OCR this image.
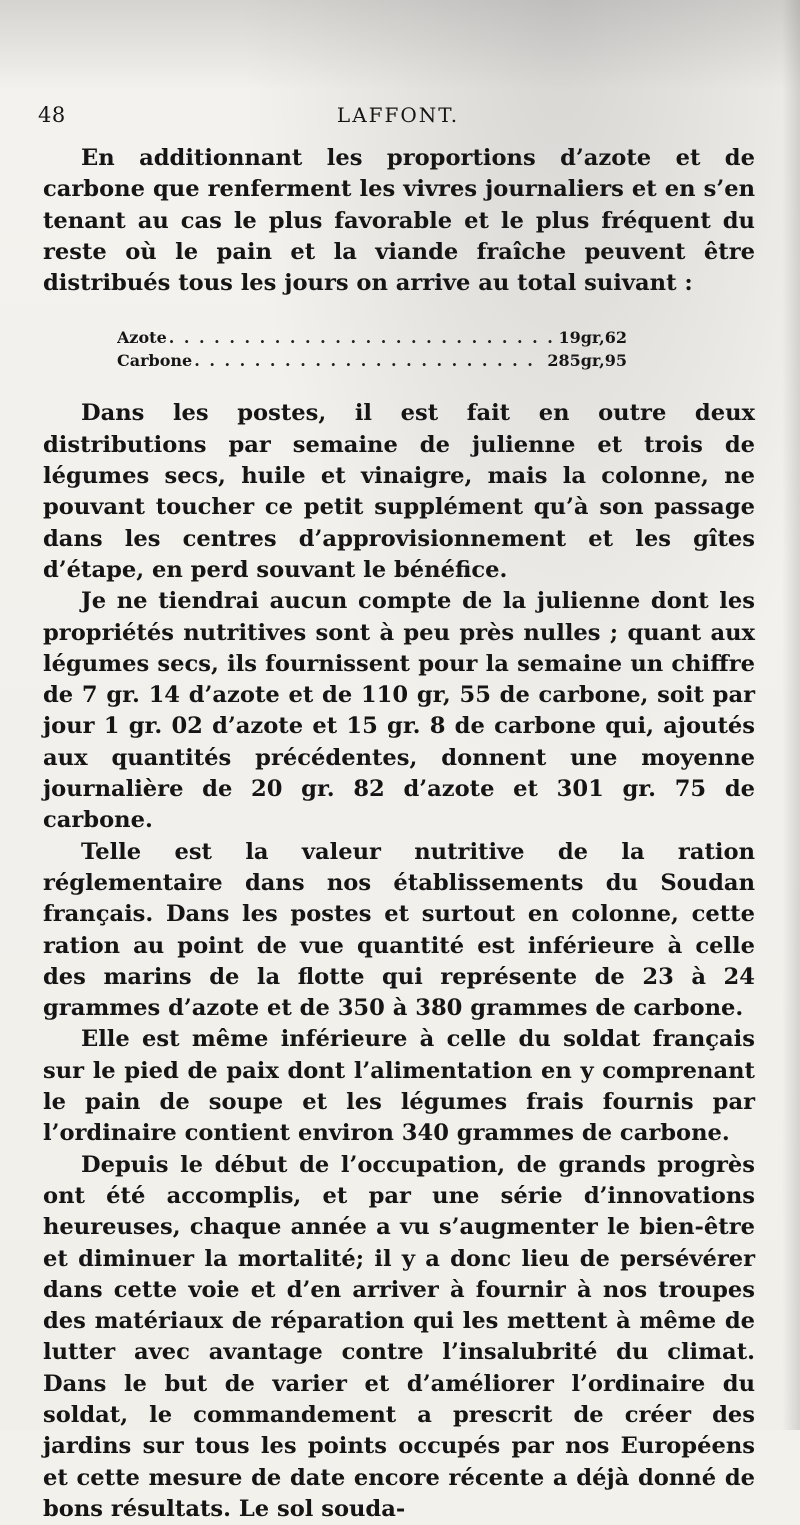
48	LAFFONT.

En additionnant les proportions d’azote et de carbone que renferment les vivres journaliers et en s’en tenant au cas le plus favorable et le plus fréquent du reste où le pain et la viande fraîche peuvent être distribués tous les jours on arrive au total suivant :

Azote . . .	19gr,62
Carbone . . .	285gr,95

Dans les postes, il est fait en outre deux distributions par semaine de julienne et trois de légumes secs, huile et vinaigre, mais la colonne, ne pouvant toucher ce petit supplément qu’à son passage dans les centres d’approvisionnement et les gîtes d’étape, en perd souvant le bénéfice.

Je ne tiendrai aucun compte de la julienne dont les propriétés nutritives sont à peu près nulles ; quant aux légumes secs, ils fournissent pour la semaine un chiffre de 7 gr. 14 d’azote et de 110 gr, 55 de carbone, soit par jour 1 gr. 02 d’azote et 15 gr. 8 de carbone qui, ajoutés aux quantités précédentes, donnent une moyenne journalière de 20 gr. 82 d’azote et 301 gr. 75 de carbone.

Telle est la valeur nutritive de la ration réglementaire dans nos établissements du Soudan français. Dans les postes et surtout en colonne, cette ration au point de vue quantité est inférieure à celle des marins de la flotte qui représente de 23 à 24 grammes d’azote et de 350 à 380 grammes de carbone.

Elle est même inférieure à celle du soldat français sur le pied de paix dont l’alimentation en y comprenant le pain de soupe et les légumes frais fournis par l’ordinaire contient environ 340 grammes de carbone.

Depuis le début de l’occupation, de grands progrès ont été accomplis, et par une série d’innovations heureuses, chaque année a vu s’augmenter le bien-être et diminuer la mortalité; il y a donc lieu de persévérer dans cette voie et d’en arriver à fournir à nos troupes des matériaux de réparation qui les mettent à même de lutter avec avantage contre l’insalubrité du climat. Dans le but de varier et d’améliorer l’ordinaire du soldat, le commandement a prescrit de créer des jardins sur tous les points occupés par nos Européens et cette mesure de date encore récente a déjà donné de bons résultats. Le sol souda-
